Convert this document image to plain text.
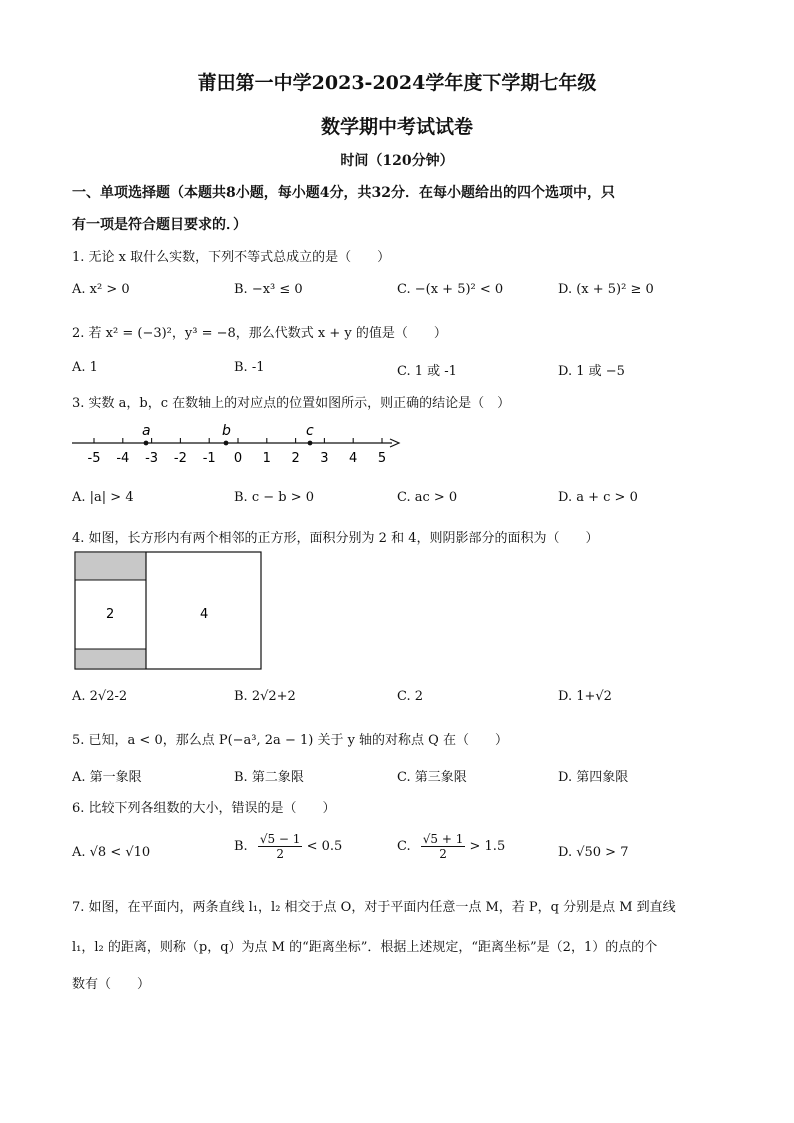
莆田第一中学2023-2024学年度下学期七年级
数学期中考试试卷
时间（120分钟）
一、单项选择题（本题共8小题，每小题4分，共32分．在每小题给出的四个选项中，只
有一项是符合题目要求的．）
1. 无论 x 取什么实数，下列不等式总成立的是（　　）
A. x² > 0	B. −x³ ≤ 0	C. −(x + 5)² < 0	D. (x + 5)² ≥ 0
2. 若 x² = (−3)²，y³ = −8，那么代数式 x + y 的值是（　　）
A. 1	B. -1	C. 1 或 -1	D. 1 或 −5
3. 实数 a，b，c 在数轴上的对应点的位置如图所示，则正确的结论是（　）
-5 -4 -3 -2 -1 0 1 2 3 4 5
a	b	c
A. |a| > 4	B. c − b > 0	C. ac > 0	D. a + c > 0
4. 如图，长方形内有两个相邻的正方形，面积分别为 2 和 4，则阴影部分的面积为（　　）
2	4
A. 2√2-2	B. 2√2+2	C. 2	D. 1+√2
5. 已知，a < 0，那么点 P(−a³, 2a − 1) 关于 y 轴的对称点 Q 在（　　）
A. 第一象限	B. 第二象限	C. 第三象限	D. 第四象限
6. 比较下列各组数的大小，错误的是（　　）
A. √8 < √10	B. $\frac{√5 - 1}{2} < 0.5$	C. $\frac{√5 + 1}{2} > 1.5$	D. √50 > 7
7. 如图，在平面内，两条直线 l₁，l₂ 相交于点 O，对于平面内任意一点 M，若 P，q 分别是点 M 到直线
l₁，l₂ 的距离，则称（p，q）为点 M 的“距离坐标”．根据上述规定，“距离坐标”是（2，1）的点的个
数有（　　）
